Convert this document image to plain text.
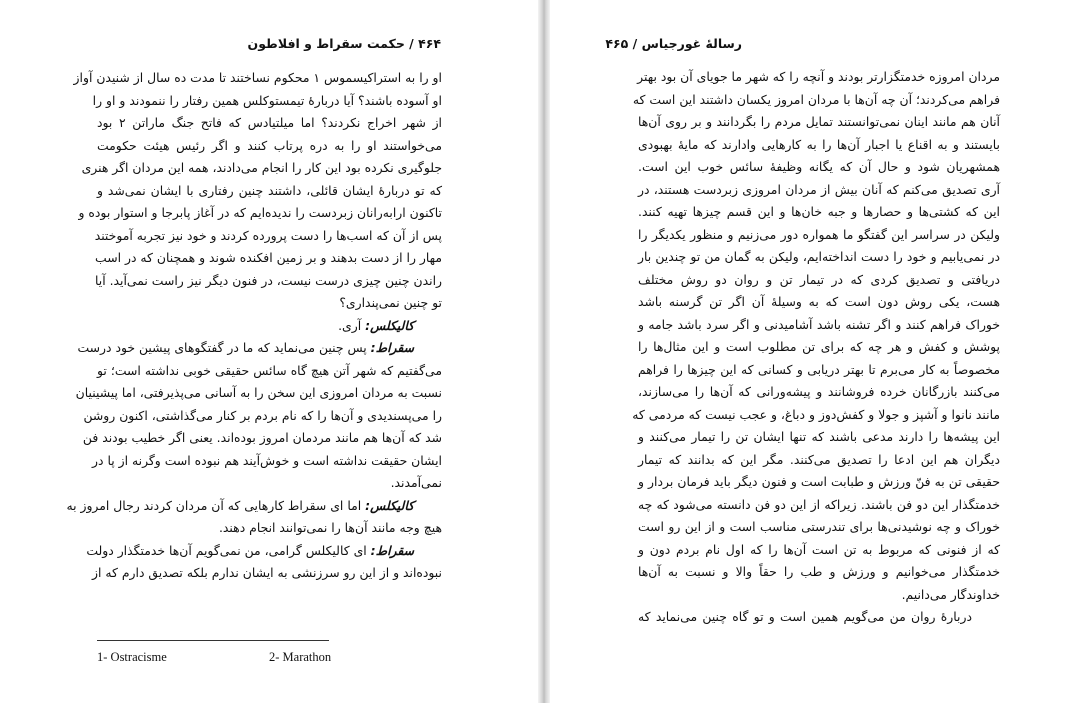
۴۶۴ / حکمت سقراط و افلاطون
او را به استراکیسموس ۱ محکوم نساختند تا مدت ده سال از شنیدن آواز
او آسوده باشند؟ آیا دربارهٔ تیمستوکلس همین رفتار را ننمودند و او را
از شهر اخراج نکردند؟ اما میلتیادس که فاتح جنگ ماراتن ۲ بود
می‌خواستند او را به دره پرتاب کنند و اگر رئیس هیئت حکومت
جلوگیری نکرده بود این کار را انجام می‌دادند، همه این مردان اگر هنری
که تو دربارهٔ ایشان قائلی، داشتند چنین رفتاری با ایشان نمی‌شد و
تاکنون ارابه‌رانان زبردست را ندیده‌ایم که در آغاز پابرجا و استوار بوده و
پس از آن که اسب‌ها را دست پرورده کردند و خود نیز تجربه آموختند
مهار را از دست بدهند و بر زمین افکنده شوند و همچنان که در اسب
راندن چنین چیزی درست نیست، در فنون دیگر نیز راست نمی‌آید. آیا
تو چنین نمی‌پنداری؟
کالیکلس: آری.
سقراط: پس چنین می‌نماید که ما در گفتگوهای پیشین خود درست
می‌گفتیم که شهر آتن هیچ گاه سائس حقیقی خوبی نداشته است؛ تو
نسبت به مردان امروزی این سخن را به آسانی می‌پذیرفتی، اما پیشینیان
را می‌پسندیدی و آن‌ها را که نام بردم بر کنار می‌گذاشتی، اکنون روشن
شد که آن‌ها هم مانند مردمان امروز بوده‌اند. یعنی اگر خطیب بودند فن
ایشان حقیقت نداشته است و خوش‌آیند هم نبوده است وگرنه از پا در
نمی‌آمدند.
کالیکلس: اما ای سقراط کارهایی که آن مردان کردند رجال امروز به
هیچ وجه مانند آن‌ها را نمی‌توانند انجام دهند.
سقراط: ای کالیکلس گرامی، من نمی‌گویم آن‌ها خدمتگذار دولت
نبوده‌اند و از این رو سرزنشی به ایشان ندارم بلکه تصدیق دارم که از
1- Ostracisme	2- Marathon
رسالهٔ غورجیاس / ۴۶۵
مردان امروزه خدمتگزارتر بودند و آنچه را که شهر ما جویای آن بود بهتر
فراهم می‌کردند؛ آن چه آن‌ها با مردان امروز یکسان داشتند این است که
آنان هم مانند اینان نمی‌توانستند تمایل مردم را بگردانند و بر روی آن‌ها
بایستند و به اقناع یا اجبار آن‌ها را به کارهایی وادارند که مایهٔ بهبودی
همشهریان شود و حال آن که یگانه وظیفهٔ سائس خوب این است.
آری تصدیق می‌کنم که آنان بیش از مردان امروزی زبردست هستند، در
این که کشتی‌ها و حصارها و جبه خان‌ها و این قسم چیزها تهیه کنند.
ولیکن در سراسر این گفتگو ما همواره دور می‌زنیم و منظور یکدیگر را
در نمی‌یابیم و خود را دست انداخته‌ایم، ولیکن به گمان من تو چندین بار
دریافتی و تصدیق کردی که در تیمار تن و روان دو روش مختلف
هست، یکی روش دون است که به وسیلهٔ آن اگر تن گرسنه باشد
خوراک فراهم کنند و اگر تشنه باشد آشامیدنی و اگر سرد باشد جامه و
پوشش و کفش و هر چه که برای تن مطلوب است و این مثال‌ها را
مخصوصاً به کار می‌برم تا بهتر دریابی و کسانی که این چیزها را فراهم
می‌کنند بازرگانان خرده فروشانند و پیشه‌ورانی که آن‌ها را می‌سازند،
مانند نانوا و آشپز و جولا و کفش‌دوز و دباغ، و عجب نیست که مردمی که
این پیشه‌ها را دارند مدعی باشند که تنها ایشان تن را تیمار می‌کنند و
دیگران هم این ادعا را تصدیق می‌کنند. مگر این که بدانند که تیمار
حقیقی تن به فنّ ورزش و طبابت است و فنون دیگر باید فرمان بردار و
خدمتگذار این دو فن باشند. زیراکه از این دو فن دانسته می‌شود که چه
خوراک و چه نوشیدنی‌ها برای تندرستی مناسب است و از این رو است
که از فنونی که مربوط به تن است آن‌ها را که اول نام بردم دون و
خدمتگذار می‌خوانیم و ورزش و طب را حقاً والا و نسبت به آن‌ها
خداوندگار می‌دانیم.
دربارهٔ روان من می‌گویم همین است و تو گاه چنین می‌نماید که
